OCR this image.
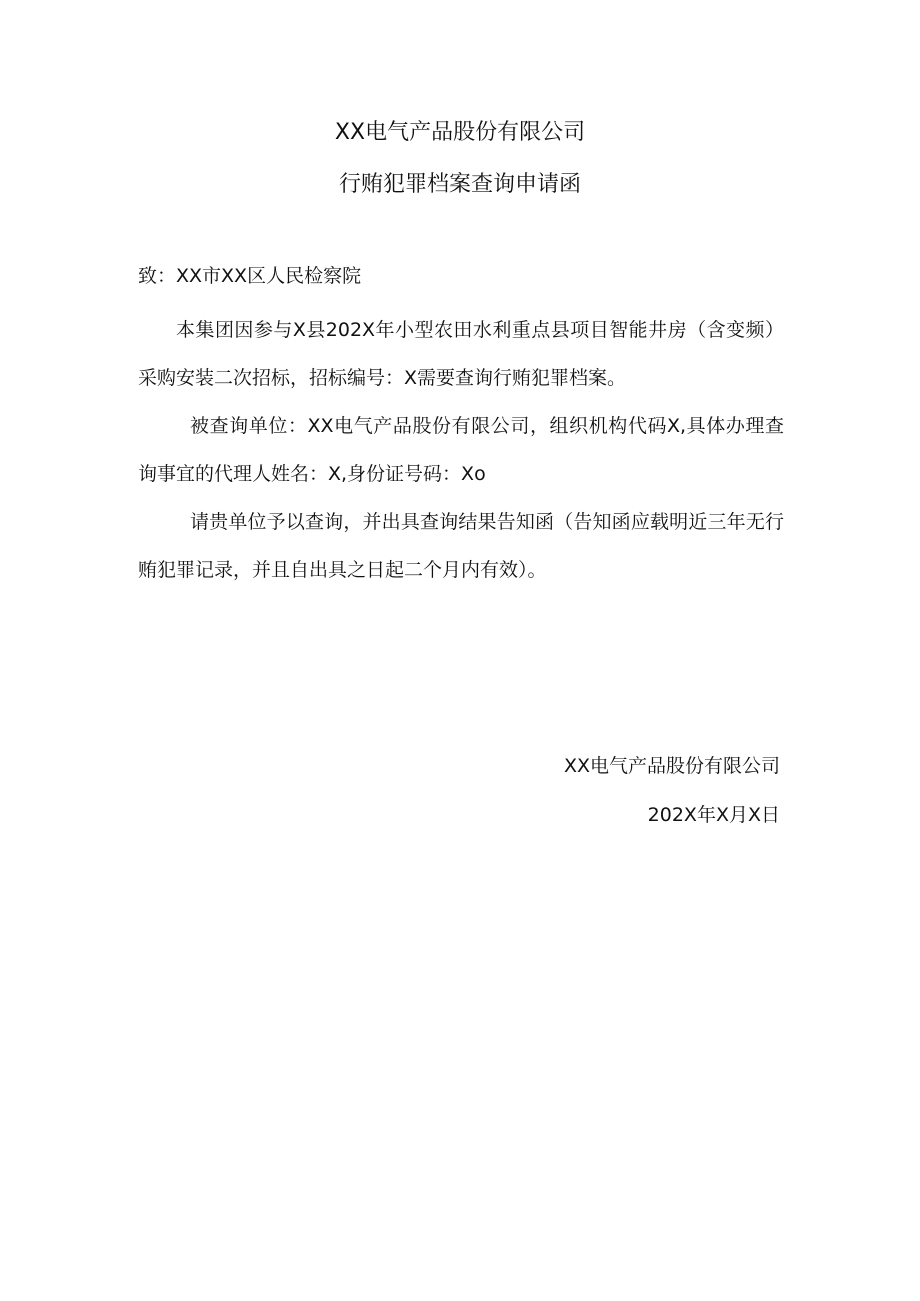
XX电气产品股份有限公司
行贿犯罪档案查询申请函
致：XX市XX区人民检察院
本集团因参与X县202X年小型农田水利重点县项目智能井房（含变频）采购安装二次招标，招标编号：X需要查询行贿犯罪档案。
被查询单位：XX电气产品股份有限公司，组织机构代码X,具体办理查询事宜的代理人姓名：X,身份证号码：Xo
请贵单位予以查询，并出具查询结果告知函（告知函应载明近三年无行贿犯罪记录，并且自出具之日起二个月内有效）。
XX电气产品股份有限公司
202X年X月X日
